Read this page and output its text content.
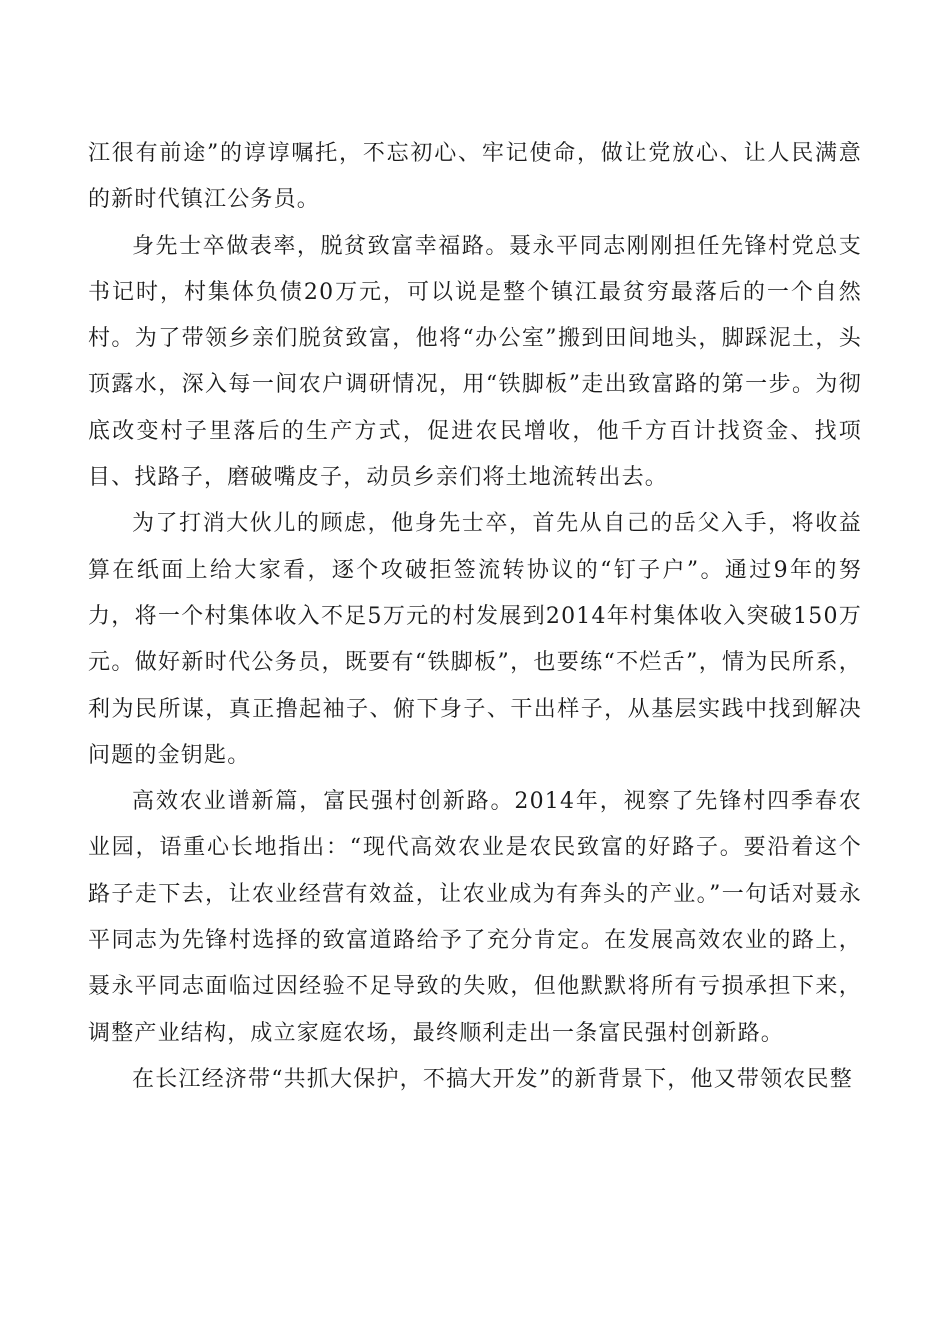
江很有前途”的谆谆嘱托，不忘初心、牢记使命，做让党放心、让人民满意的新时代镇江公务员。

身先士卒做表率，脱贫致富幸福路。聂永平同志刚刚担任先锋村党总支书记时，村集体负债20万元，可以说是整个镇江最贫穷最落后的一个自然村。为了带领乡亲们脱贫致富，他将“办公室”搬到田间地头，脚踩泥土，头顶露水，深入每一间农户调研情况，用“铁脚板”走出致富路的第一步。为彻底改变村子里落后的生产方式，促进农民增收，他千方百计找资金、找项目、找路子，磨破嘴皮子，动员乡亲们将土地流转出去。

为了打消大伙儿的顾虑，他身先士卒，首先从自己的岳父入手，将收益算在纸面上给大家看，逐个攻破拒签流转协议的“钉子户”。通过9年的努力，将一个村集体收入不足5万元的村发展到2014年村集体收入突破150万元。做好新时代公务员，既要有“铁脚板”，也要练“不烂舌”，情为民所系，利为民所谋，真正撸起袖子、俯下身子、干出样子，从基层实践中找到解决问题的金钥匙。

高效农业谱新篇，富民强村创新路。2014年，视察了先锋村四季春农业园，语重心长地指出：“现代高效农业是农民致富的好路子。要沿着这个路子走下去，让农业经营有效益，让农业成为有奔头的产业。”一句话对聂永平同志为先锋村选择的致富道路给予了充分肯定。在发展高效农业的路上，聂永平同志面临过因经验不足导致的失败，但他默默将所有亏损承担下来，调整产业结构，成立家庭农场，最终顺利走出一条富民强村创新路。

在长江经济带“共抓大保护，不搞大开发”的新背景下，他又带领农民整
